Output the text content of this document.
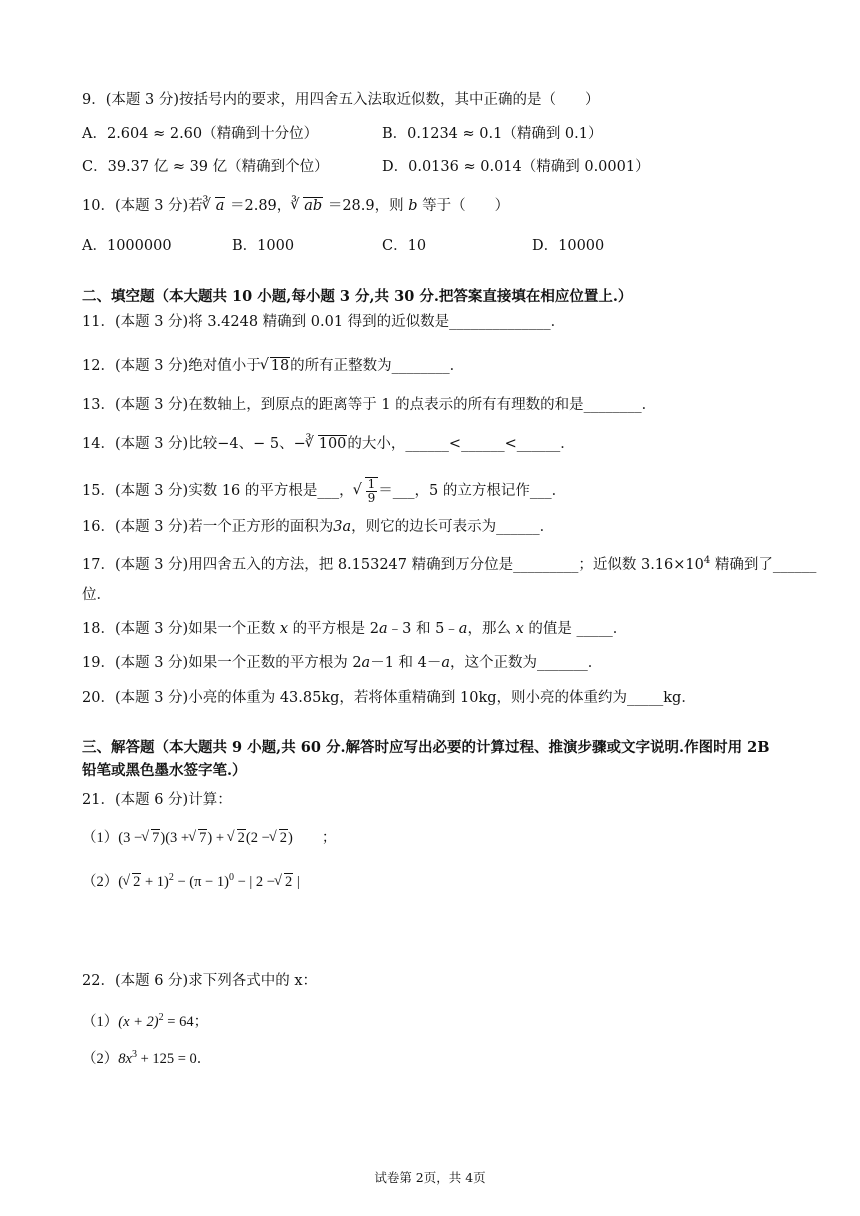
9．(本题 3 分)按括号内的要求，用四舍五入法取近似数，其中正确的是（　　）
A．2.604 ≈ 2.60（精确到十分位）	B．0.1234 ≈ 0.1（精确到 0.1）
C．39.37 亿 ≈ 39 亿（精确到个位）	D．0.0136 ≈ 0.014（精确到 0.0001）
10．(本题 3 分)若 ∛ a ＝2.89， ∛ ab ＝28.9，则 b 等于（　　）
A．1000000	B．1000	C．10	D．10000
二、填空题（本大题共 10 小题,每小题 3 分,共 30 分.把答案直接填在相应位置上.）
11．(本题 3 分)将 3.4248 精确到 0.01 得到的近似数是______________．
12．(本题 3 分)绝对值小于 √ 18的所有正整数为________．
13．(本题 3 分)在数轴上，到原点的距离等于 1 的点表示的所有有理数的和是________．
14．(本题 3 分)比较−4、− 5、− ∛ 100的大小，______<______<______．
15．(本题 3 分)实数 16 的平方根是___， √ $\frac{1}{9}$ ＝___，5 的立方根记作___．
16．(本题 3 分)若一个正方形的面积为3a，则它的边长可表示为______．
17．(本题 3 分)用四舍五入的方法，把 8.153247 精确到万分位是_________；近似数 $3.16\times 10^4$ 精确到了______
位．
18．(本题 3 分)如果一个正数 x 的平方根是 2a﹣3 和 5﹣a，那么 x 的值是 _____．
19．(本题 3 分)如果一个正数的平方根为 2a－1 和 4－a，这个正数为_______．
20．(本题 3 分)小亮的体重为 43.85kg，若将体重精确到 10kg，则小亮的体重约为_____kg．
三、解答题（本大题共 9 小题,共 60 分.解答时应写出必要的计算过程、推演步骤或文字说明.作图时用 2B
铅笔或黑色墨水签字笔.）
21．(本题 6 分)计算：
（1）(3 − √ 7)(3 + √ 7) + √ 2(2 − √ 2)　　；
（2）( √ $2 + 1)^2 - (\pi - 1)^0$ − | 2 − √ 2 |
22．(本题 6 分)求下列各式中的 x：
$(1)(x + 2)^2 = 64$；
$(2)8x^3 + 125 = 0$．
试卷第 2页，共 4页
